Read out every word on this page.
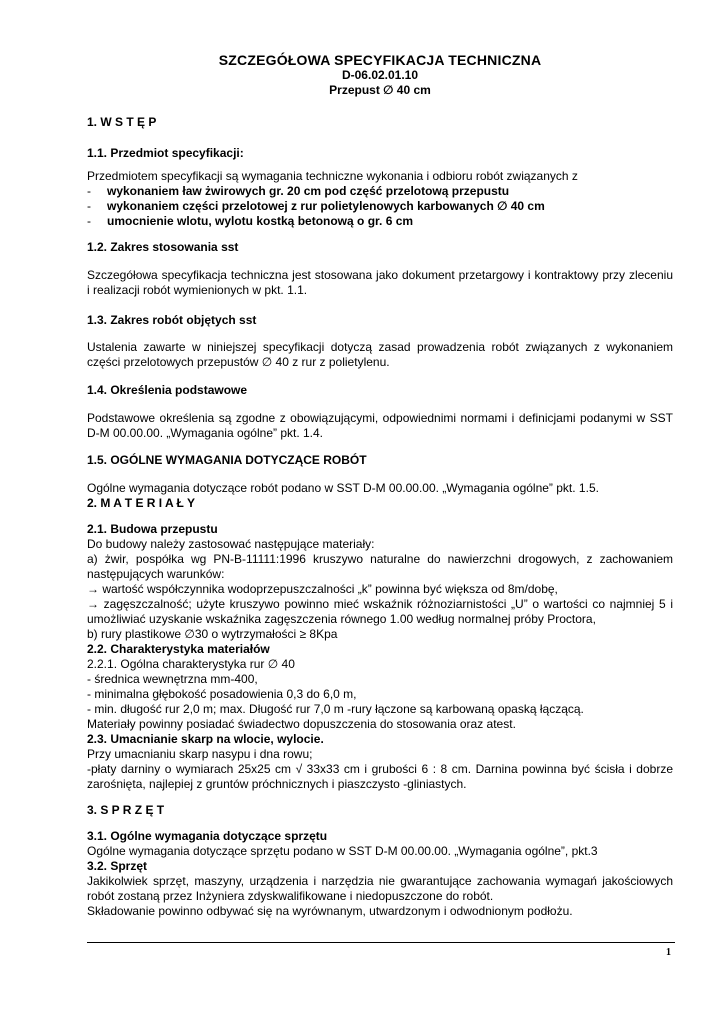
SZCZEGÓŁOWA SPECYFIKACJA TECHNICZNA
D-06.02.01.10
Przepust ∅ 40 cm
1. W S T Ę P
1.1. Przedmiot specyfikacji:
Przedmiotem specyfikacji są wymagania techniczne wykonania i odbioru robót związanych z
- wykonaniem ław żwirowych gr. 20 cm pod część przelotową przepustu
- wykonaniem części przelotowej z rur polietylenowych karbowanych ∅ 40 cm
- umocnienie wlotu, wylotu kostką betonową o gr. 6 cm
1.2. Zakres stosowania sst
Szczegółowa specyfikacja techniczna jest stosowana jako dokument przetargowy i kontraktowy przy zleceniu
i realizacji robót wymienionych w pkt. 1.1.
1.3. Zakres robót objętych sst
Ustalenia zawarte w niniejszej specyfikacji dotyczą zasad prowadzenia robót związanych z wykonaniem
części przelotowych przepustów ∅ 40 z rur z polietylenu.
1.4. Określenia podstawowe
Podstawowe określenia są zgodne z obowiązującymi, odpowiednimi normami i definicjami podanymi w SST
D-M 00.00.00. „Wymagania ogólne” pkt. 1.4.
1.5. OGÓLNE WYMAGANIA DOTYCZĄCE ROBÓT
Ogólne wymagania dotyczące robót podano w SST D-M 00.00.00. „Wymagania ogólne” pkt. 1.5.
2. M A T E R I A Ł Y
2.1. Budowa przepustu
Do budowy należy zastosować następujące materiały:
a) żwir, pospółka wg PN-B-11111:1996 kruszywo naturalne do nawierzchni drogowych, z zachowaniem
następujących warunków:
→ wartość współczynnika wodoprzepuszczalności „k” powinna być większa od 8m/dobę,
→ zagęszczalność; użyte kruszywo powinno mieć wskaźnik różnoziarnistości „U” o wartości co najmniej 5 i
umożliwiać uzyskanie wskaźnika zagęszczenia równego 1.00 według normalnej próby Proctora,
b) rury plastikowe ∅30 o wytrzymałości ≥ 8Kpa
2.2. Charakterystyka materiałów
2.2.1. Ogólna charakterystyka rur ∅ 40
- średnica wewnętrzna mm-400,
- minimalna głębokość posadowienia 0,3 do 6,0 m,
- min. długość rur 2,0 m; max. Długość rur 7,0 m -rury łączone są karbowaną opaską łączącą.
Materiały powinny posiadać świadectwo dopuszczenia do stosowania oraz atest.
2.3. Umacnianie skarp na wlocie, wylocie.
Przy umacnianiu skarp nasypu i dna rowu;
-płaty darniny o wymiarach 25x25 cm √ 33x33 cm i grubości 6 : 8 cm. Darnina powinna być ścisła i dobrze
zarośnięta, najlepiej z gruntów próchnicznych i piaszczysto -gliniastych.
3. S P R Z Ę T
3.1. Ogólne wymagania dotyczące sprzętu
Ogólne wymagania dotyczące sprzętu podano w SST D-M 00.00.00. „Wymagania ogólne”, pkt.3
3.2. Sprzęt
Jakikolwiek sprzęt, maszyny, urządzenia i narzędzia nie gwarantujące zachowania wymagań jakościowych
robót zostaną przez Inżyniera zdyskwalifikowane i niedopuszczone do robót.
Składowanie powinno odbywać się na wyrównanym, utwardzonym i odwodnionym podłożu.
1
